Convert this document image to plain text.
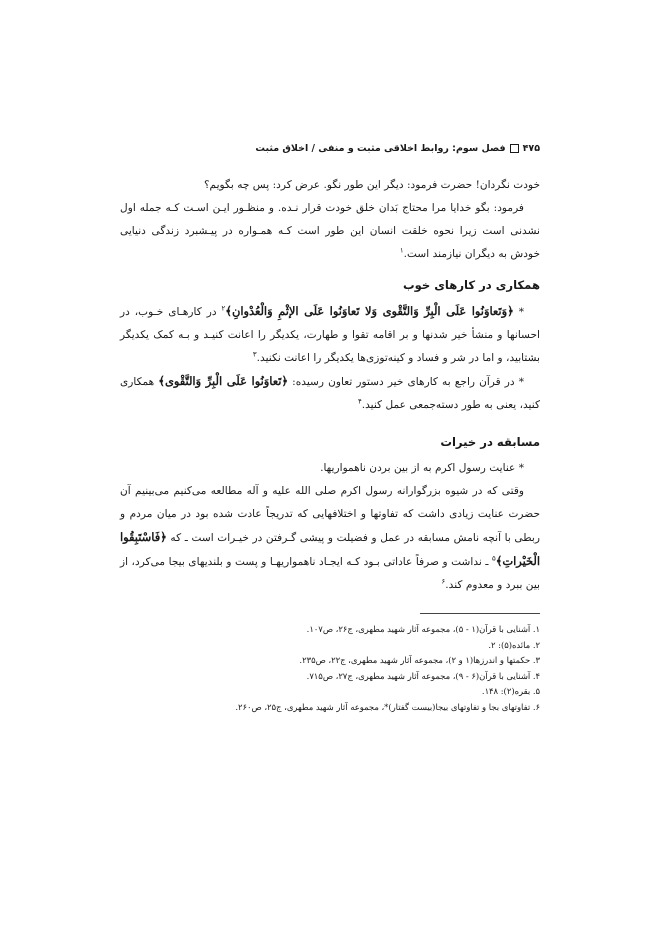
۴۷۵
فصل سوم: روابط اخلاقی مثبت و منفی / اخلاق مثبت

خودت نگردان! حضرت فرمود: دیگر این طور نگو. عرض کرد: پس چه بگویم؟

فرمود: بگو خدایا مرا محتاج بَدان خلق خودت قرار نـده. و منظـور ایـن اسـت کـه جمله اول نشدنی است زیرا نحوه خلقت انسان این طور است کـه همـواره در پیـشبرد زندگی دنیایی خودش به دیگران نیازمند است.$^۱$

همکاری در کارهای خوب

* ﴿وَتَعاوَنُوا عَلَى الْبِرِّ وَالتَّقْوى وَلا تَعاوَنُوا عَلَى الإثْمِ وَالْعُدْوانِ﴾$^۲$ در کارهـای خـوب، در احسانها و منشأ خیر شدنها و بر اقامه تقوا و طهارت، یکدیگر را اعانت کنیـد و بـه کمک یکدیگر بشتابید، و اما در شر و فساد و کینه‌توزی‌ها یکدیگر را اعانت نکنید.$^۳$

* در قرآن راجع به کارهای خیر دستور تعاون رسیده: ﴿تَعاوَنُوا عَلَى الْبِرِّ وَالتَّقْوى﴾ همکاری کنید، یعنی به طور دسته‌جمعی عمل کنید.$^۴$

مسابقه در خیرات

* عنایت رسول اکرم به از بین بردن ناهمواریها.

وقتی که در شیوه بزرگوارانه رسول اکرم صلی الله علیه و آله مطالعه می‌کنیم می‌بینیم آن حضرت عنایت زیادی داشت که تفاوتها و اختلافهایی که تدریجاً عادت شده بود در میان مردم و ربطی با آنچه نامش مسابقه در عمل و فضیلت و پیشی گـرفتن در خیـرات است ـ که ﴿فَاسْتَبِقُوا الْخَيْراتِ﴾$^۵$ ـ نداشت و صرفاً عاداتی بـود کـه ایجـاد ناهمواریهـا و پست و بلندیهای بیجا می‌کرد، از بین ببرد و معدوم کند.$^۶$

۱. آشنایی با قرآن(۱ - ۵)، مجموعه آثار شهید مطهری، ج۲۶، ص۱۰۷.

۲. مائده(۵): ۲.

۳. حکمتها و اندرزها(۱ و ۲)، مجموعه آثار شهید مطهری، ج۲۲، ص۲۳۵.

۴. آشنایی با قرآن(۶ - ۹)، مجموعه آثار شهید مطهری، ج۲۷، ص۷۱۵.

۵. بقره(۲): ۱۴۸.

۶. تفاوتهای بجا و تفاوتهای بیجا(بیست گفتار)*، مجموعه آثار شهید مطهری، ج۲۵، ص۲۶۰.
